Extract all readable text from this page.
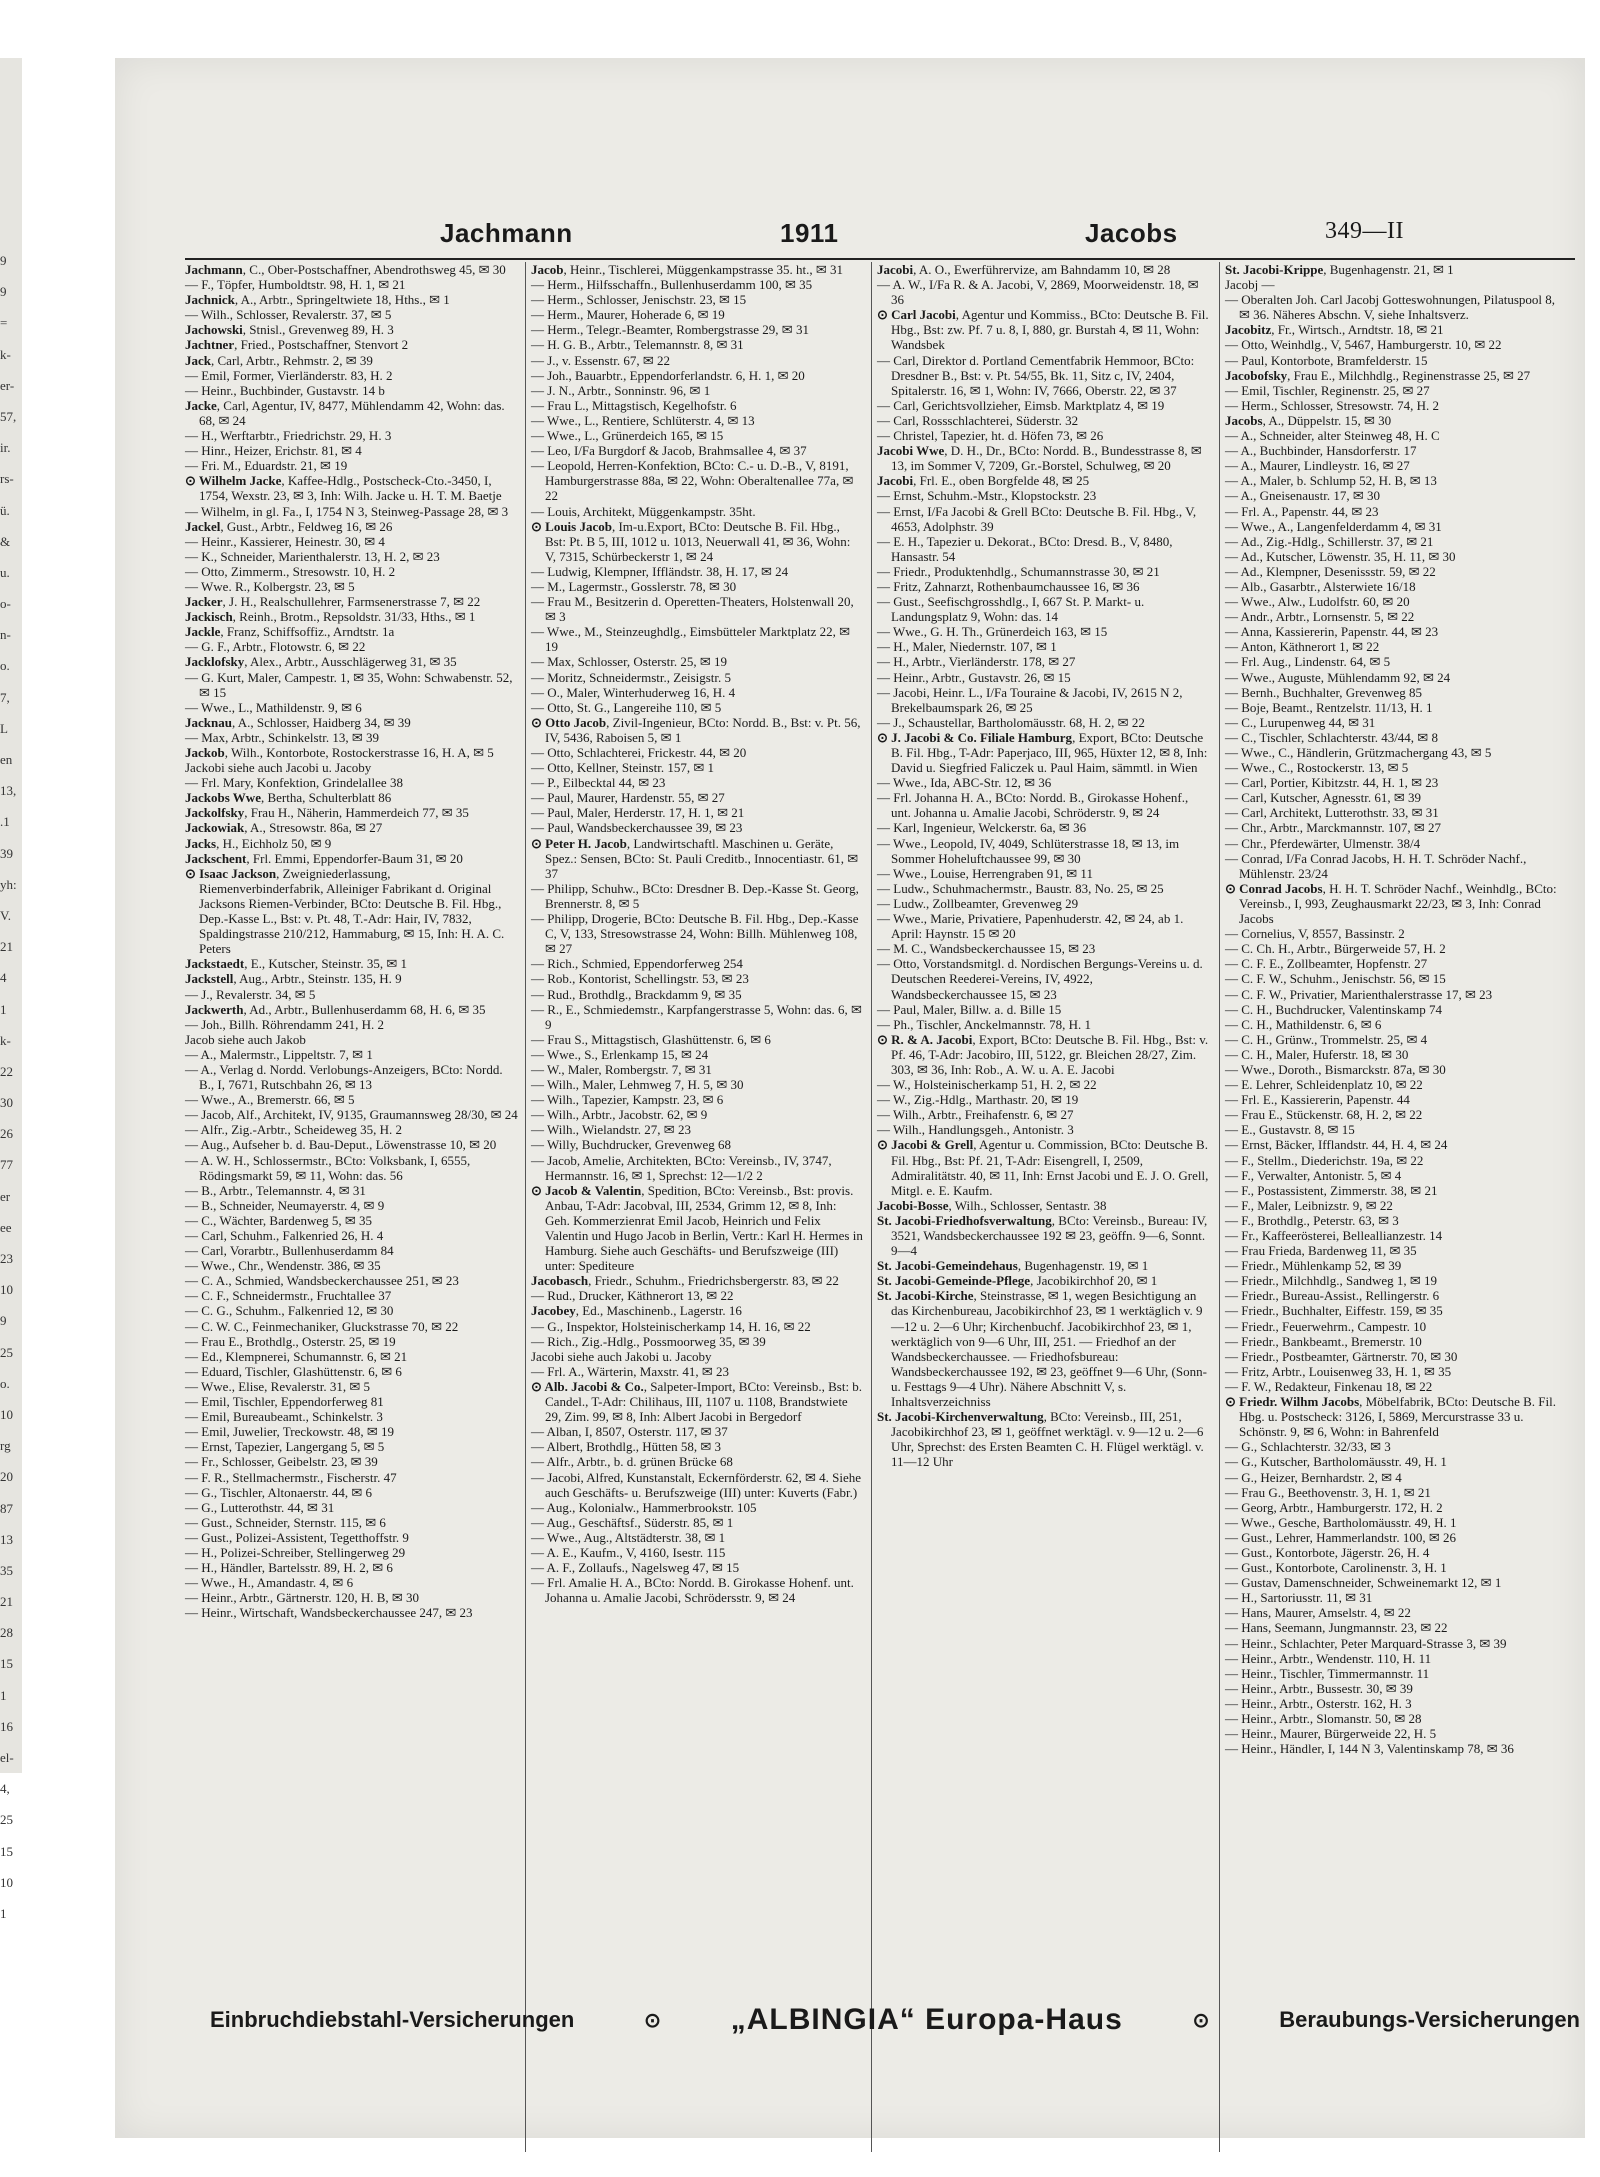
9
9
=
k-
er-
57,
ir.
rs-
ü.
&
u.
o-
n-
o.
7,
L
en
13,
.1
39
yh:
V.
21
4
1
k-
22
30
26
77
er
ee
23
10
9
25
o.
10
rg
20
87
13
35
21
28
15
1
16
el-
4,
25
15
10
1
Jachmann	1911	Jacobs	349—II
Jachmann, C., Ober-Postschaffner, Abendrothsweg 45, ✉ 30
— F., Töpfer, Humboldtstr. 98, H. 1, ✉ 21
Jachnick, A., Arbtr., Springeltwiete 18, Hths., ✉ 1
— Wilh., Schlosser, Revalerstr. 37, ✉ 5
Jachowski, Stnisl., Grevenweg 89, H. 3
Jachtner, Fried., Postschaffner, Stenvort 2
Jack, Carl, Arbtr., Rehmstr. 2, ✉ 39
— Emil, Former, Vierländerstr. 83, H. 2
— Heinr., Buchbinder, Gustavstr. 14 b
Jacke, Carl, Agentur, IV, 8477, Mühlendamm 42, Wohn: das. 68, ✉ 24
— H., Werftarbtr., Friedrichstr. 29, H. 3
— Hinr., Heizer, Erichstr. 81, ✉ 4
— Fri. M., Eduardstr. 21, ✉ 19
⊙ Wilhelm Jacke, Kaffee-Hdlg., Postscheck-Cto.-3450, I, 1754, Wexstr. 23, ✉ 3, Inh: Wilh. Jacke u. H. T. M. Baetje
— Wilhelm, in gl. Fa., I, 1754 N 3, Steinweg-Passage 28, ✉ 3
Jackel, Gust., Arbtr., Feldweg 16, ✉ 26
— Heinr., Kassierer, Heinestr. 30, ✉ 4
— K., Schneider, Marienthalerstr. 13, H. 2, ✉ 23
— Otto, Zimmerm., Stresowstr. 10, H. 2
— Wwe. R., Kolbergstr. 23, ✉ 5
Jacker, J. H., Realschullehrer, Farmsenerstrasse 7, ✉ 22
Jackisch, Reinh., Brotm., Repsoldstr. 31/33, Hths., ✉ 1
Jackle, Franz, Schiffsoffiz., Arndtstr. 1a
— G. F., Arbtr., Flotowstr. 6, ✉ 22
Jacklofsky, Alex., Arbtr., Ausschlägerweg 31, ✉ 35
— G. Kurt, Maler, Campestr. 1, ✉ 35, Wohn: Schwabenstr. 52, ✉ 15
— Wwe., L., Mathildenstr. 9, ✉ 6
Jacknau, A., Schlosser, Haidberg 34, ✉ 39
— Max, Arbtr., Schinkelstr. 13, ✉ 39
Jackob, Wilh., Kontorbote, Rostockerstrasse 16, H. A, ✉ 5
Jackobi siehe auch Jacobi u. Jacoby
— Frl. Mary, Konfektion, Grindelallee 38
Jackobs Wwe, Bertha, Schulterblatt 86
Jackolfsky, Frau H., Näherin, Hammerdeich 77, ✉ 35
Jackowiak, A., Stresowstr. 86a, ✉ 27
Jacks, H., Eichholz 50, ✉ 9
Jackschent, Frl. Emmi, Eppendorfer-Baum 31, ✉ 20
⊙ Isaac Jackson, Zweigniederlassung, Riemenverbinderfabrik, Alleiniger Fabrikant d. Original Jacksons Riemen-Verbinder, BCto: Deutsche B. Fil. Hbg., Dep.-Kasse L., Bst: v. Pt. 48, T.-Adr: Hair, IV, 7832, Spaldingstrasse 210/212, Hammaburg, ✉ 15, Inh: H. A. C. Peters
Jackstaedt, E., Kutscher, Steinstr. 35, ✉ 1
Jackstell, Aug., Arbtr., Steinstr. 135, H. 9
— J., Revalerstr. 34, ✉ 5
Jackwerth, Ad., Arbtr., Bullenhuserdamm 68, H. 6, ✉ 35
— Joh., Billh. Röhrendamm 241, H. 2
Jacob siehe auch Jakob
— A., Malermstr., Lippeltstr. 7, ✉ 1
— A., Verlag d. Nordd. Verlobungs-Anzeigers, BCto: Nordd. B., I, 7671, Rutschbahn 26, ✉ 13
— Wwe., A., Bremerstr. 66, ✉ 5
— Jacob, Alf., Architekt, IV, 9135, Graumannsweg 28/30, ✉ 24
— Alfr., Zig.-Arbtr., Scheideweg 35, H. 2
— Aug., Aufseher b. d. Bau-Deput., Löwenstrasse 10, ✉ 20
— A. W. H., Schlossermstr., BCto: Volksbank, I, 6555, Rödingsmarkt 59, ✉ 11, Wohn: das. 56
— B., Arbtr., Telemannstr. 4, ✉ 31
— B., Schneider, Neumayerstr. 4, ✉ 9
— C., Wächter, Bardenweg 5, ✉ 35
— Carl, Schuhm., Falkenried 26, H. 4
— Carl, Vorarbtr., Bullenhuserdamm 84
— Wwe., Chr., Wendenstr. 386, ✉ 35
— C. A., Schmied, Wandsbeckerchaussee 251, ✉ 23
— C. F., Schneidermstr., Fruchtallee 37
— C. G., Schuhm., Falkenried 12, ✉ 30
— C. W. C., Feinmechaniker, Gluckstrasse 70, ✉ 22
— Frau E., Brothdlg., Osterstr. 25, ✉ 19
— Ed., Klempnerei, Schumannstr. 6, ✉ 21
— Eduard, Tischler, Glashüttenstr. 6, ✉ 6
— Wwe., Elise, Revalerstr. 31, ✉ 5
— Emil, Tischler, Eppendorferweg 81
— Emil, Bureaubeamt., Schinkelstr. 3
— Emil, Juwelier, Treckowstr. 48, ✉ 19
— Ernst, Tapezier, Langergang 5, ✉ 5
— Fr., Schlosser, Geibelstr. 23, ✉ 39
— F. R., Stellmachermstr., Fischerstr. 47
— G., Tischler, Altonaerstr. 44, ✉ 6
— G., Lutterothstr. 44, ✉ 31
— Gust., Schneider, Sternstr. 115, ✉ 6
— Gust., Polizei-Assistent, Tegetthoffstr. 9
— H., Polizei-Schreiber, Stellingerweg 29
— H., Händler, Bartelsstr. 89, H. 2, ✉ 6
— Wwe., H., Amandastr. 4, ✉ 6
— Heinr., Arbtr., Gärtnerstr. 120, H. B, ✉ 30
— Heinr., Wirtschaft, Wandsbeckerchaussee 247, ✉ 23
Jacob, Heinr., Tischlerei, Müggenkampstrasse 35. ht., ✉ 31
— Herm., Hilfsschaffn., Bullenhuserdamm 100, ✉ 35
— Herm., Schlosser, Jenischstr. 23, ✉ 15
— Herm., Maurer, Hoherade 6, ✉ 19
— Herm., Telegr.-Beamter, Rombergstrasse 29, ✉ 31
— H. G. B., Arbtr., Telemannstr. 8, ✉ 31
— J., v. Essenstr. 67, ✉ 22
— Joh., Bauarbtr., Eppendorferlandstr. 6, H. 1, ✉ 20
— J. N., Arbtr., Sonninstr. 96, ✉ 1
— Frau L., Mittagstisch, Kegelhofstr. 6
— Wwe., L., Rentiere, Schlüterstr. 4, ✉ 13
— Wwe., L., Grünerdeich 165, ✉ 15
— Leo, I/Fa Burgdorf & Jacob, Brahmsallee 4, ✉ 37
— Leopold, Herren-Konfektion, BCto: C.- u. D.-B., V, 8191, Hamburgerstrasse 88a, ✉ 22, Wohn: Oberaltenallee 77a, ✉ 22
— Louis, Architekt, Müggenkampstr. 35ht.
⊙ Louis Jacob, Im-u.Export, BCto: Deutsche B. Fil. Hbg., Bst: Pt. B 5, III, 1012 u. 1013, Neuerwall 41, ✉ 36, Wohn: V, 7315, Schürbeckerstr 1, ✉ 24
— Ludwig, Klempner, Iffländstr. 38, H. 17, ✉ 24
— M., Lagermstr., Gosslerstr. 78, ✉ 30
— Frau M., Besitzerin d. Operetten-Theaters, Holstenwall 20, ✉ 3
— Wwe., M., Steinzeughdlg., Eimsbütteler Marktplatz 22, ✉ 19
— Max, Schlosser, Osterstr. 25, ✉ 19
— Moritz, Schneidermstr., Zeisigstr. 5
— O., Maler, Winterhuderweg 16, H. 4
— Otto, St. G., Langereihe 110, ✉ 5
⊙ Otto Jacob, Zivil-Ingenieur, BCto: Nordd. B., Bst: v. Pt. 56, IV, 5436, Raboisen 5, ✉ 1
— Otto, Schlachterei, Frickestr. 44, ✉ 20
— Otto, Kellner, Steinstr. 157, ✉ 1
— P., Eilbecktal 44, ✉ 23
— Paul, Maurer, Hardenstr. 55, ✉ 27
— Paul, Maler, Herderstr. 17, H. 1, ✉ 21
— Paul, Wandsbeckerchaussee 39, ✉ 23
⊙ Peter H. Jacob, Landwirtschaftl. Maschinen u. Geräte, Spez.: Sensen, BCto: St. Pauli Creditb., Innocentiastr. 61, ✉ 37
— Philipp, Schuhw., BCto: Dresdner B. Dep.-Kasse St. Georg, Brennerstr. 8, ✉ 5
— Philipp, Drogerie, BCto: Deutsche B. Fil. Hbg., Dep.-Kasse C, V, 133, Stresowstrasse 24, Wohn: Billh. Mühlenweg 108, ✉ 27
— Rich., Schmied, Eppendorferweg 254
— Rob., Kontorist, Schellingstr. 53, ✉ 23
— Rud., Brothdlg., Brackdamm 9, ✉ 35
— R., E., Schmiedemstr., Karpfangerstrasse 5, Wohn: das. 6, ✉ 9
— Frau S., Mittagstisch, Glashüttenstr. 6, ✉ 6
— Wwe., S., Erlenkamp 15, ✉ 24
— W., Maler, Rombergstr. 7, ✉ 31
— Wilh., Maler, Lehmweg 7, H. 5, ✉ 30
— Wilh., Tapezier, Kampstr. 23, ✉ 6
— Wilh., Arbtr., Jacobstr. 62, ✉ 9
— Wilh., Wielandstr. 27, ✉ 23
— Willy, Buchdrucker, Grevenweg 68
— Jacob, Amelie, Architekten, BCto: Vereinsb., IV, 3747, Hermannstr. 16, ✉ 1, Sprechst: 12—1/2 2
⊙ Jacob & Valentin, Spedition, BCto: Vereinsb., Bst: provis. Anbau, T-Adr: Jacobval, III, 2534, Grimm 12, ✉ 8, Inh: Geh. Kommerzienrat Emil Jacob, Heinrich und Felix Valentin und Hugo Jacob in Berlin, Vertr.: Karl H. Hermes in Hamburg. Siehe auch Geschäfts- und Berufszweige (III) unter: Spediteure
Jacobasch, Friedr., Schuhm., Friedrichsbergerstr. 83, ✉ 22
— Rud., Drucker, Käthnerort 13, ✉ 22
Jacobey, Ed., Maschinenb., Lagerstr. 16
— G., Inspektor, Holsteinischerkamp 14, H. 16, ✉ 22
— Rich., Zig.-Hdlg., Possmoorweg 35, ✉ 39
Jacobi siehe auch Jakobi u. Jacoby
— Frl. A., Wärterin, Maxstr. 41, ✉ 23
⊙ Alb. Jacobi & Co., Salpeter-Import, BCto: Vereinsb., Bst: b. Candel., T-Adr: Chilihaus, III, 1107 u. 1108, Brandstwiete 29, Zim. 99, ✉ 8, Inh: Albert Jacobi in Bergedorf
— Alban, I, 8507, Osterstr. 117, ✉ 37
— Albert, Brothdlg., Hütten 58, ✉ 3
— Alfr., Arbtr., b. d. grünen Brücke 68
— Jacobi, Alfred, Kunstanstalt, Eckernförderstr. 62, ✉ 4. Siehe auch Geschäfts- u. Berufszweige (III) unter: Kuverts (Fabr.)
— Aug., Kolonialw., Hammerbrookstr. 105
— Aug., Geschäftsf., Süderstr. 85, ✉ 1
— Wwe., Aug., Altstädterstr. 38, ✉ 1
— A. E., Kaufm., V, 4160, Isestr. 115
— A. F., Zollaufs., Nagelsweg 47, ✉ 15
— Frl. Amalie H. A., BCto: Nordd. B. Girokasse Hohenf. unt. Johanna u. Amalie Jacobi, Schrödersstr. 9, ✉ 24
Jacobi, A. O., Ewerführervize, am Bahndamm 10, ✉ 28
— A. W., I/Fa R. & A. Jacobi, V, 2869, Moorweidenstr. 18, ✉ 36
⊙ Carl Jacobi, Agentur und Kommiss., BCto: Deutsche B. Fil. Hbg., Bst: zw. Pf. 7 u. 8, I, 880, gr. Burstah 4, ✉ 11, Wohn: Wandsbek
— Carl, Direktor d. Portland Cementfabrik Hemmoor, BCto: Dresdner B., Bst: v. Pt. 54/55, Bk. 11, Sitz c, IV, 2404, Spitalerstr. 16, ✉ 1, Wohn: IV, 7666, Oberstr. 22, ✉ 37
— Carl, Gerichtsvollzieher, Eimsb. Marktplatz 4, ✉ 19
— Carl, Rossschlachterei, Süderstr. 32
— Christel, Tapezier, ht. d. Höfen 73, ✉ 26
Jacobi Wwe, D. H., Dr., BCto: Nordd. B., Bundesstrasse 8, ✉ 13, im Sommer V, 7209, Gr.-Borstel, Schulweg, ✉ 20
Jacobi, Frl. E., oben Borgfelde 48, ✉ 25
— Ernst, Schuhm.-Mstr., Klopstockstr. 23
— Ernst, I/Fa Jacobi & Grell BCto: Deutsche B. Fil. Hbg., V, 4653, Adolphstr. 39
— E. H., Tapezier u. Dekorat., BCto: Dresd. B., V, 8480, Hansastr. 54
— Friedr., Produktenhdlg., Schumannstrasse 30, ✉ 21
— Fritz, Zahnarzt, Rothenbaumchaussee 16, ✉ 36
— Gust., Seefischgrosshdlg., I, 667 St. P. Markt- u. Landungsplatz 9, Wohn: das. 14
— Wwe., G. H. Th., Grünerdeich 163, ✉ 15
— H., Maler, Niedernstr. 107, ✉ 1
— H., Arbtr., Vierländerstr. 178, ✉ 27
— Heinr., Arbtr., Gustavstr. 26, ✉ 15
— Jacobi, Heinr. L., I/Fa Touraine & Jacobi, IV, 2615 N 2, Brekelbaumspark 26, ✉ 25
— J., Schaustellar, Bartholomäusstr. 68, H. 2, ✉ 22
⊙ J. Jacobi & Co. Filiale Hamburg, Export, BCto: Deutsche B. Fil. Hbg., T-Adr: Paperjaco, III, 965, Hüxter 12, ✉ 8, Inh: David u. Siegfried Faliczek u. Paul Haim, sämmtl. in Wien
— Wwe., Ida, ABC-Str. 12, ✉ 36
— Frl. Johanna H. A., BCto: Nordd. B., Girokasse Hohenf., unt. Johanna u. Amalie Jacobi, Schröderstr. 9, ✉ 24
— Karl, Ingenieur, Welckerstr. 6a, ✉ 36
— Wwe., Leopold, IV, 4049, Schlüterstrasse 18, ✉ 13, im Sommer Hoheluftchaussee 99, ✉ 30
— Wwe., Louise, Herrengraben 91, ✉ 11
— Ludw., Schuhmachermstr., Baustr. 83, No. 25, ✉ 25
— Ludw., Zollbeamter, Grevenweg 29
— Wwe., Marie, Privatiere, Papenhuderstr. 42, ✉ 24, ab 1. April: Haynstr. 15 ✉ 20
— M. C., Wandsbeckerchaussee 15, ✉ 23
— Otto, Vorstandsmitgl. d. Nordischen Bergungs-Vereins u. d. Deutschen Reederei-Vereins, IV, 4922, Wandsbeckerchaussee 15, ✉ 23
— Paul, Maler, Billw. a. d. Bille 15
— Ph., Tischler, Anckelmannstr. 78, H. 1
⊙ R. & A. Jacobi, Export, BCto: Deutsche B. Fil. Hbg., Bst: v. Pf. 46, T-Adr: Jacobiro, III, 5122, gr. Bleichen 28/27, Zim. 303, ✉ 36, Inh: Rob., A. W. u. A. E. Jacobi
— W., Holsteinischerkamp 51, H. 2, ✉ 22
— W., Zig.-Hdlg., Marthastr. 20, ✉ 19
— Wilh., Arbtr., Freihafenstr. 6, ✉ 27
— Wilh., Handlungsgeh., Antonistr. 3
⊙ Jacobi & Grell, Agentur u. Commission, BCto: Deutsche B. Fil. Hbg., Bst: Pf. 21, T-Adr: Eisengrell, I, 2509, Admiralitätstr. 40, ✉ 11, Inh: Ernst Jacobi und E. J. O. Grell, Mitgl. e. E. Kaufm.
Jacobi-Bosse, Wilh., Schlosser, Sentastr. 38
St. Jacobi-Friedhofsverwaltung, BCto: Vereinsb., Bureau: IV, 3521, Wandsbeckerchaussee 192 ✉ 23, geöffn. 9—6, Sonnt. 9—4
St. Jacobi-Gemeindehaus, Bugenhagenstr. 19, ✉ 1
St. Jacobi-Gemeinde-Pflege, Jacobikirchhof 20, ✉ 1
St. Jacobi-Kirche, Steinstrasse, ✉ 1, wegen Besichtigung an das Kirchenbureau, Jacobikirchhof 23, ✉ 1 werktäglich v. 9—12 u. 2—6 Uhr; Kirchenbuchf. Jacobikirchhof 23, ✉ 1, werktäglich von 9—6 Uhr, III, 251. — Friedhof an der Wandsbeckerchaussee. — Friedhofsbureau: Wandsbeckerchaussee 192, ✉ 23, geöffnet 9—6 Uhr, (Sonn- u. Festtags 9—4 Uhr). Nähere Abschnitt V, s. Inhaltsverzeichniss
St. Jacobi-Kirchenverwaltung, BCto: Vereinsb., III, 251, Jacobikirchhof 23, ✉ 1, geöffnet werktägl. v. 9—12 u. 2—6 Uhr, Sprechst: des Ersten Beamten C. H. Flügel werktägl. v. 11—12 Uhr
St. Jacobi-Krippe, Bugenhagenstr. 21, ✉ 1
Jacobj —
— Oberalten Joh. Carl Jacobj Gotteswohnungen, Pilatuspool 8, ✉ 36. Näheres Abschn. V, siehe Inhaltsverz.
Jacobitz, Fr., Wirtsch., Arndtstr. 18, ✉ 21
— Otto, Weinhdlg., V, 5467, Hamburgerstr. 10, ✉ 22
— Paul, Kontorbote, Bramfelderstr. 15
Jacobofsky, Frau E., Milchhdlg., Reginenstrasse 25, ✉ 27
— Emil, Tischler, Reginenstr. 25, ✉ 27
— Herm., Schlosser, Stresowstr. 74, H. 2
Jacobs, A., Düppelstr. 15, ✉ 30
— A., Schneider, alter Steinweg 48, H. C
— A., Buchbinder, Hansdorferstr. 17
— A., Maurer, Lindleystr. 16, ✉ 27
— A., Maler, b. Schlump 52, H. B, ✉ 13
— A., Gneisenaustr. 17, ✉ 30
— Frl. A., Papenstr. 44, ✉ 23
— Wwe., A., Langenfelderdamm 4, ✉ 31
— Ad., Zig.-Hdlg., Schillerstr. 37, ✉ 21
— Ad., Kutscher, Löwenstr. 35, H. 11, ✉ 30
— Ad., Klempner, Desenissstr. 59, ✉ 22
— Alb., Gasarbtr., Alsterwiete 16/18
— Wwe., Alw., Ludolfstr. 60, ✉ 20
— Andr., Arbtr., Lornsenstr. 5, ✉ 22
— Anna, Kassiererin, Papenstr. 44, ✉ 23
— Anton, Käthnerort 1, ✉ 22
— Frl. Aug., Lindenstr. 64, ✉ 5
— Wwe., Auguste, Mühlendamm 92, ✉ 24
— Bernh., Buchhalter, Grevenweg 85
— Boje, Beamt., Rentzelstr. 11/13, H. 1
— C., Lurupenweg 44, ✉ 31
— C., Tischler, Schlachterstr. 43/44, ✉ 8
— Wwe., C., Händlerin, Grützmachergang 43, ✉ 5
— Wwe., C., Rostockerstr. 13, ✉ 5
— Carl, Portier, Kibitzstr. 44, H. 1, ✉ 23
— Carl, Kutscher, Agnesstr. 61, ✉ 39
— Carl, Architekt, Lutterothstr. 33, ✉ 31
— Chr., Arbtr., Marckmannstr. 107, ✉ 27
— Chr., Pferdewärter, Ulmenstr. 38/4
— Conrad, I/Fa Conrad Jacobs, H. H. T. Schröder Nachf., Mühlenstr. 23/24
⊙ Conrad Jacobs, H. H. T. Schröder Nachf., Weinhdlg., BCto: Vereinsb., I, 993, Zeughausmarkt 22/23, ✉ 3, Inh: Conrad Jacobs
— Cornelius, V, 8557, Bassinstr. 2
— C. Ch. H., Arbtr., Bürgerweide 57, H. 2
— C. F. E., Zollbeamter, Hopfenstr. 27
— C. F. W., Schuhm., Jenischstr. 56, ✉ 15
— C. F. W., Privatier, Marienthalerstrasse 17, ✉ 23
— C. H., Buchdrucker, Valentinskamp 74
— C. H., Mathildenstr. 6, ✉ 6
— C. H., Grünw., Trommelstr. 25, ✉ 4
— C. H., Maler, Huferstr. 18, ✉ 30
— Wwe., Doroth., Bismarckstr. 87a, ✉ 30
— E. Lehrer, Schleidenplatz 10, ✉ 22
— Frl. E., Kassiererin, Papenstr. 44
— Frau E., Stückenstr. 68, H. 2, ✉ 22
— E., Gustavstr. 8, ✉ 15
— Ernst, Bäcker, Ifflandstr. 44, H. 4, ✉ 24
— F., Stellm., Diederichstr. 19a, ✉ 22
— F., Verwalter, Antonistr. 5, ✉ 4
— F., Postassistent, Zimmerstr. 38, ✉ 21
— F., Maler, Leibnizstr. 9, ✉ 22
— F., Brothdlg., Peterstr. 63, ✉ 3
— Fr., Kaffeerösterei, Belleallianzestr. 14
— Frau Frieda, Bardenweg 11, ✉ 35
— Friedr., Mühlenkamp 52, ✉ 39
— Friedr., Milchhdlg., Sandweg 1, ✉ 19
— Friedr., Bureau-Assist., Rellingerstr. 6
— Friedr., Buchhalter, Eiffestr. 159, ✉ 35
— Friedr., Feuerwehrm., Campestr. 10
— Friedr., Bankbeamt., Bremerstr. 10
— Friedr., Postbeamter, Gärtnerstr. 70, ✉ 30
— Fritz, Arbtr., Louisenweg 33, H. 1, ✉ 35
— F. W., Redakteur, Finkenau 18, ✉ 22
⊙ Friedr. Wilhm Jacobs, Möbelfabrik, BCto: Deutsche B. Fil. Hbg. u. Postscheck: 3126, I, 5869, Mercurstrasse 33 u. Schönstr. 9, ✉ 6, Wohn: in Bahrenfeld
— G., Schlachterstr. 32/33, ✉ 3
— G., Kutscher, Bartholomäusstr. 49, H. 1
— G., Heizer, Bernhardstr. 2, ✉ 4
— Frau G., Beethovenstr. 3, H. 1, ✉ 21
— Georg, Arbtr., Hamburgerstr. 172, H. 2
— Wwe., Gesche, Bartholomäusstr. 49, H. 1
— Gust., Lehrer, Hammerlandstr. 100, ✉ 26
— Gust., Kontorbote, Jägerstr. 26, H. 4
— Gust., Kontorbote, Carolinenstr. 3, H. 1
— Gustav, Damenschneider, Schweinemarkt 12, ✉ 1
— H., Sartoriusstr. 11, ✉ 31
— Hans, Maurer, Amselstr. 4, ✉ 22
— Hans, Seemann, Jungmannstr. 23, ✉ 22
— Heinr., Schlachter, Peter Marquard-Strasse 3, ✉ 39
— Heinr., Arbtr., Wendenstr. 110, H. 11
— Heinr., Tischler, Timmermannstr. 11
— Heinr., Arbtr., Bussestr. 30, ✉ 39
— Heinr., Arbtr., Osterstr. 162, H. 3
— Heinr., Arbtr., Slomanstr. 50, ✉ 28
— Heinr., Maurer, Bürgerweide 22, H. 5
— Heinr., Händler, I, 144 N 3, Valentinskamp 78, ✉ 36
Einbruchdiebstahl-Versicherungen	⊙ „ALBINGIA“ Europa-Haus	⊙	Beraubungs-Versicherungen
